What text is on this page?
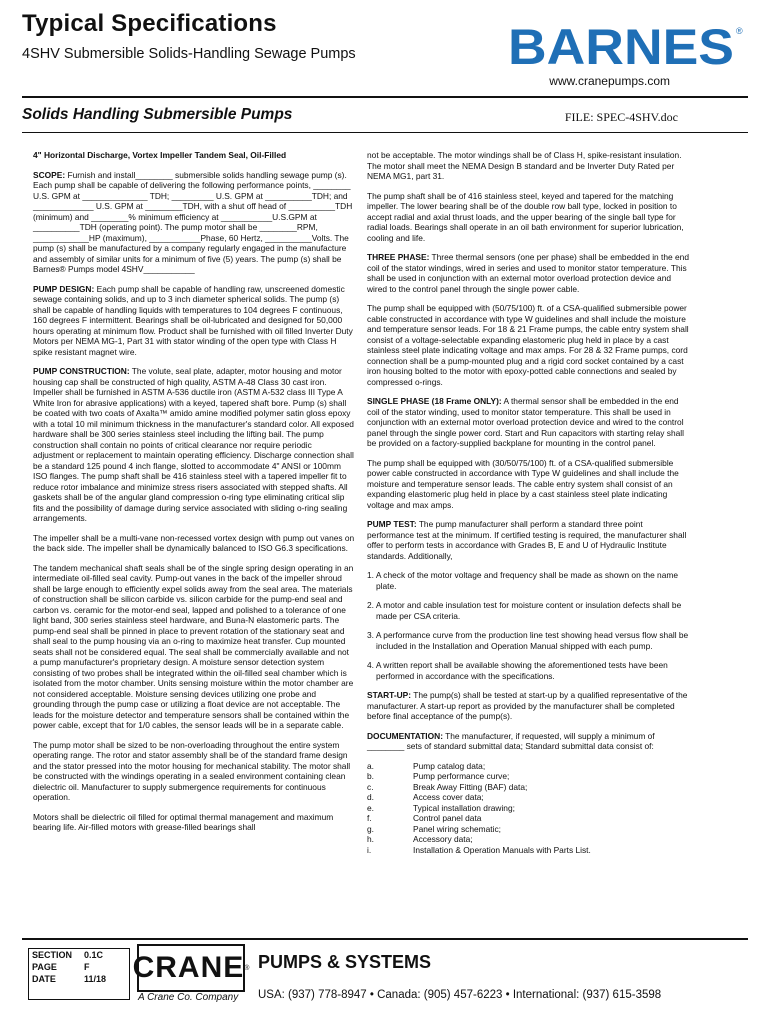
Typical Specifications
4SHV Submersible Solids-Handling Sewage Pumps	BARNES ®
www.cranepumps.com
Solids Handling Submersible Pumps	FILE: SPEC-4SHV.doc

4" Horizontal Discharge, Vortex Impeller Tandem Seal, Oil-Filled

SCOPE: Furnish and install________ submersible solids handling sewage pump (s). Each pump shall be capable of delivering the following performance points, ________ U.S. GPM at ______________ TDH; _________ U.S. GPM at __________TDH; and _____________ U.S. GPM at ________TDH, with a shut off head of __________TDH (minimum) and ________% minimum efficiency at ___________U.S.GPM at __________TDH (operating point). The pump motor shall be ________RPM, ____________HP (maximum), ___________Phase, 60 Hertz, __________Volts. The pump (s) shall be manufactured by a company regularly engaged in the manufacture and assembly of similar units for a minimum of five (5) years. The pump (s) shall be Barnes® Pumps model 4SHV___________

PUMP DESIGN: Each pump shall be capable of handling raw, unscreened domestic sewage containing solids, and up to 3 inch diameter spherical solids. The pump (s) shall be capable of handling liquids with temperatures to 104 degrees F continuous, 160 degrees F intermittent. Bearings shall be oil-lubricated and designed for 50,000 hours operating at minimum flow. Product shall be furnished with oil filled Inverter Duty Motors per NEMA MG-1, Part 31 with stator winding of the open type with Class H spike resistant magnet wire.

PUMP CONSTRUCTION: The volute, seal plate, adapter, motor housing and motor housing cap shall be constructed of high quality, ASTM A-48 Class 30 cast iron. Impeller shall be furnished in ASTM A-536 ductile iron (ASTM A-532 class III Type A White Iron for abrasive applications) with a keyed, tapered shaft bore. Pump (s) shall be coated with two coats of Axalta™ amido amine modified polymer satin gloss epoxy with a total 10 mil minimum thickness in the manufacturer's standard color. All exposed hardware shall be 300 series stainless steel including the lifting bail. The pump construction shall contain no points of critical clearance nor require periodic adjustment or replacement to maintain operating efficiency. Discharge connection shall be a standard 125 pound 4 inch flange, slotted to accommodate 4" ANSI or 100mm ISO flanges. The pump shaft shall be 416 stainless steel with a tapered impeller fit to reduce rotor imbalance and minimize stress risers associated with stepped shafts. All gaskets shall be of the angular gland compression o-ring type eliminating critical slip fits and the possibility of damage during service associated with sliding o-ring sealing arrangements.

The impeller shall be a multi-vane non-recessed vortex design with pump out vanes on the back side. The impeller shall be dynamically balanced to ISO G6.3 specifications.

The tandem mechanical shaft seals shall be of the single spring design operating in an intermediate oil-filled seal cavity. Pump-out vanes in the back of the impeller shroud shall be large enough to efficiently expel solids away from the seal area. The materials of construction shall be silicon carbide vs. silicon carbide for the pump-end seal and carbon vs. ceramic for the motor-end seal, lapped and polished to a tolerance of one light band, 300 series stainless steel hardware, and Buna-N elastomeric parts. The pump-end seal shall be pinned in place to prevent rotation of the stationary seat and shall seal to the pump housing via an o-ring to maximize heat transfer. Cup mounted seats shall not be considered equal. The seal shall be commercially available and not a pump manufacturer's proprietary design. A moisture sensor detection system consisting of two probes shall be integrated within the oil-filled seal chamber which is isolated from the motor chamber. Units sensing moisture within the motor chamber are not considered acceptable. Moisture sensing devices utilizing one probe and grounding through the pump case or utilizing a float device are not acceptable. The leads for the moisture detector and temperature sensors shall be contained within the power cable, except that for 1/0 cables, the sensor leads will be in a separate cable.

The pump motor shall be sized to be non-overloading throughout the entire system operating range. The rotor and stator assembly shall be of the standard frame design and the stator pressed into the motor housing for mechanical stability. The motor shall be constructed with the windings operating in a sealed environment containing clean dielectric oil. Manufacturer to supply submergence requirements for continuous operation.

Motors shall be dielectric oil filled for optimal thermal management and maximum bearing life. Air-filled motors with grease-filled bearings shall

not be acceptable. The motor windings shall be of Class H, spike-resistant insulation. The motor shall meet the NEMA Design B standard and be Inverter Duty Rated per NEMA MG1, part 31.

The pump shaft shall be of 416 stainless steel, keyed and tapered for the matching impeller. The lower bearing shall be of the double row ball type, locked in position to accept radial and axial thrust loads, and the upper bearing of the single ball type for radial loads. Bearings shall operate in an oil bath environment for superior lubrication, cooling and life.

THREE PHASE: Three thermal sensors (one per phase) shall be embedded in the end coil of the stator windings, wired in series and used to monitor stator temperature. This shall be used in conjunction with an external motor overload protection device and wired to the control panel through the single power cable.

The pump shall be equipped with (50/75/100) ft. of a CSA-qualified submersible power cable constructed in accordance with type W guidelines and shall include the moisture and temperature sensor leads. For 18 & 21 Frame pumps, the cable entry system shall consist of a voltage-selectable expanding elastomeric plug held in place by a cast stainless steel plate indicating voltage and max amps. For 28 & 32 Frame pumps, cord connection shall be a pump-mounted plug and a rigid cord socket contained by a cast iron housing bolted to the motor with epoxy-potted cable connections and sealed by compressed o-rings.

SINGLE PHASE (18 Frame ONLY): A thermal sensor shall be embedded in the end coil of the stator winding, used to monitor stator temperature. This shall be used in conjunction with an external motor overload protection device and wired to the control panel through the single power cord. Start and Run capacitors with starting relay shall be provided on a factory-supplied backplane for mounting in the control panel.

The pump shall be equipped with (30/50/75/100) ft. of a CSA-qualified submersible power cable constructed in accordance with Type W guidelines and shall include the moisture and temperature sensor leads. The cable entry system shall consist of an expanding elastomeric plug held in place by a cast stainless steel plate indicating voltage and max amps.

PUMP TEST: The pump manufacturer shall perform a standard three point performance test at the minimum. If certified testing is required, the manufacturer shall offer to perform tests in accordance with Grades B, E and U of Hydraulic Institute standards. Additionally,

1. A check of the motor voltage and frequency shall be made as shown on the name plate.

2. A motor and cable insulation test for moisture content or insulation defects shall be made per CSA criteria.

3. A performance curve from the production line test showing head versus flow shall be included in the Installation and Operation Manual shipped with each pump.

4. A written report shall be available showing the aforementioned tests have been performed in accordance with the specifications.

START-UP: The pump(s) shall be tested at start-up by a qualified representative of the manufacturer. A start-up report as provided by the manufacturer shall be completed before final acceptance of the pump(s).

DOCUMENTATION: The manufacturer, if requested, will supply a minimum of ________ sets of standard submittal data; Standard submittal data consist of:

a.	Pump catalog data;
b.	Pump performance curve;
c.	Break Away Fitting (BAF) data;
d.	Access cover data;
e.	Typical installation drawing;
f.	Control panel data
g.	Panel wiring schematic;
h.	Accessory data;
i.	Installation & Operation Manuals with Parts List.
SECTION	0.1C
PAGE	F
DATE	11/18 CRANE ®
A Crane Co. Company
PUMPS & SYSTEMS
USA: (937) 778-8947 • Canada: (905) 457-6223 • International: (937) 615-3598
